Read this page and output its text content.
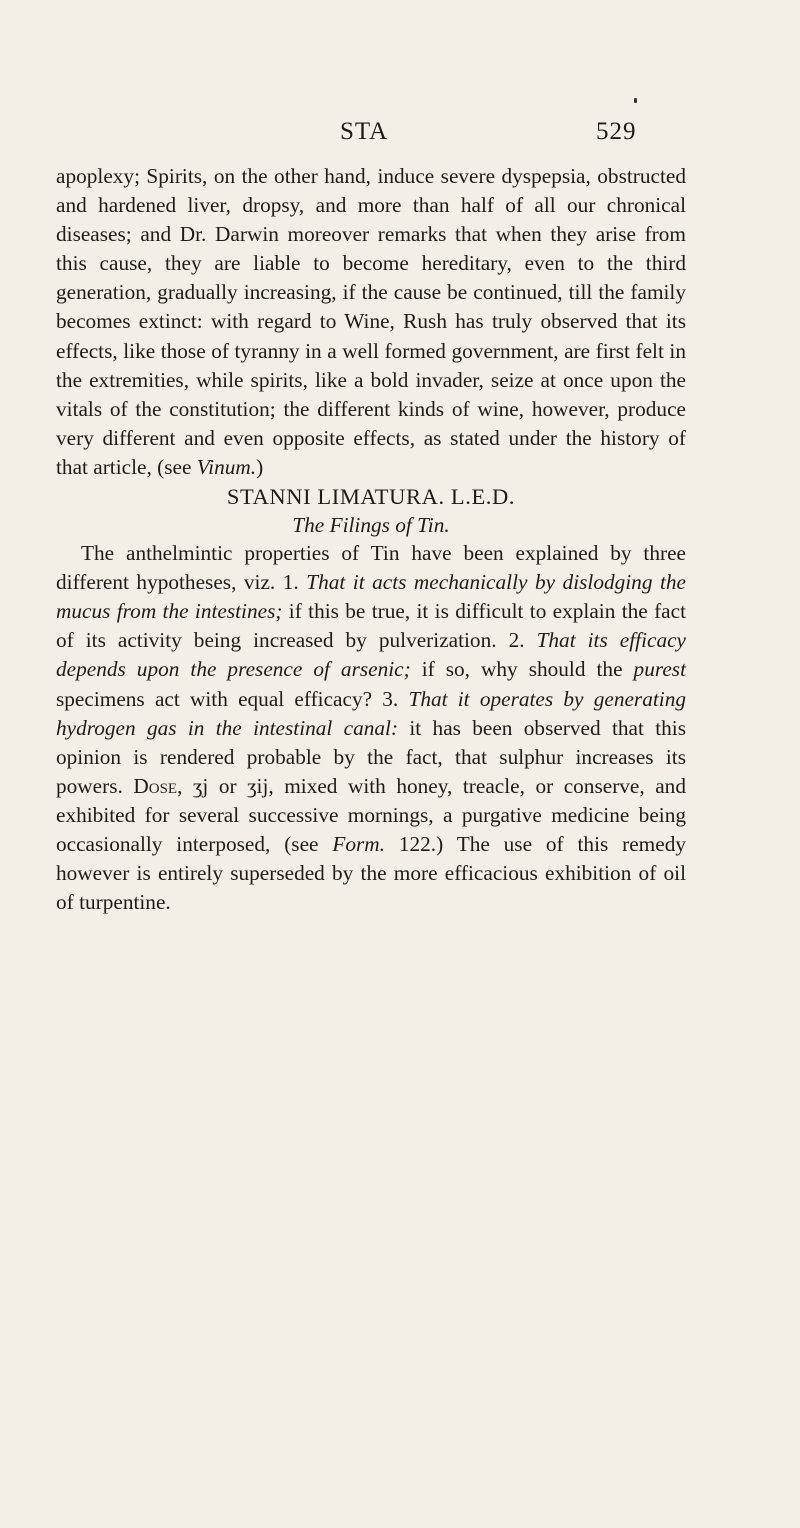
STA	529

apoplexy; Spirits, on the other hand, induce severe dyspepsia, obstructed and hardened liver, dropsy, and more than half of all our chronical diseases; and Dr. Darwin moreover remarks that when they arise from this cause, they are liable to become hereditary, even to the third generation, gradually increasing, if the cause be continued, till the family becomes extinct: with regard to Wine, Rush has truly observed that its effects, like those of tyranny in a well formed government, are first felt in the extremities, while spirits, like a bold invader, seize at once upon the vitals of the constitution; the different kinds of wine, however, produce very different and even opposite effects, as stated under the history of that article, (see Vinum.)

STANNI LIMATURA. L.E.D.

The Filings of Tin.

The anthelmintic properties of Tin have been explained by three different hypotheses, viz. 1. That it acts mechanically by dislodging the mucus from the intestines; if this be true, it is difficult to explain the fact of its activity being increased by pulverization. 2. That its efficacy depends upon the presence of arsenic; if so, why should the purest specimens act with equal efficacy? 3. That it operates by generating hydrogen gas in the intestinal canal: it has been observed that this opinion is rendered probable by the fact, that sulphur increases its powers. Dose, ʒj or ʒij, mixed with honey, treacle, or conserve, and exhibited for several successive mornings, a purgative medicine being occasionally interposed, (see Form. 122.) The use of this remedy however is entirely superseded by the more efficacious exhibition of oil of turpentine.
